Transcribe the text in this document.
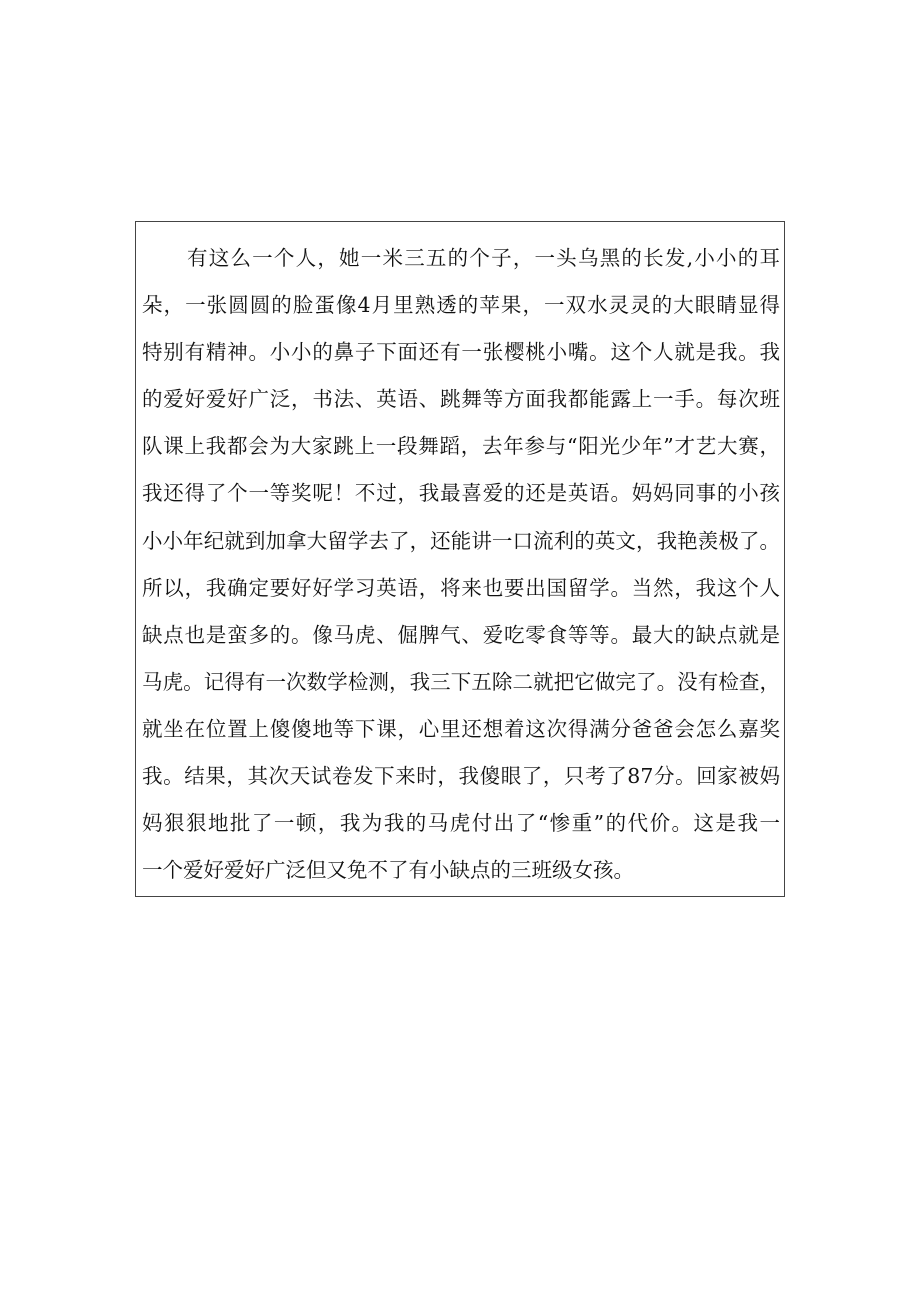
有这么一个人，她一米三五的个子，一头乌黑的长发,小小的耳
朵，一张圆圆的脸蛋像4月里熟透的苹果，一双水灵灵的大眼睛显得
特别有精神。小小的鼻子下面还有一张樱桃小嘴。这个人就是我。我
的爱好爱好广泛，书法、英语、跳舞等方面我都能露上一手。每次班
队课上我都会为大家跳上一段舞蹈，去年参与“阳光少年”才艺大赛，
我还得了个一等奖呢！不过，我最喜爱的还是英语。妈妈同事的小孩
小小年纪就到加拿大留学去了，还能讲一口流利的英文，我艳羡极了。
所以，我确定要好好学习英语，将来也要出国留学。当然，我这个人
缺点也是蛮多的。像马虎、倔脾气、爱吃零食等等。最大的缺点就是
马虎。记得有一次数学检测，我三下五除二就把它做完了。没有检查，
就坐在位置上傻傻地等下课，心里还想着这次得满分爸爸会怎么嘉奖
我。结果，其次天试卷发下来时，我傻眼了，只考了87分。回家被妈
妈狠狠地批了一顿，我为我的马虎付出了“惨重”的代价。这是我一
一个爱好爱好广泛但又免不了有小缺点的三班级女孩。
